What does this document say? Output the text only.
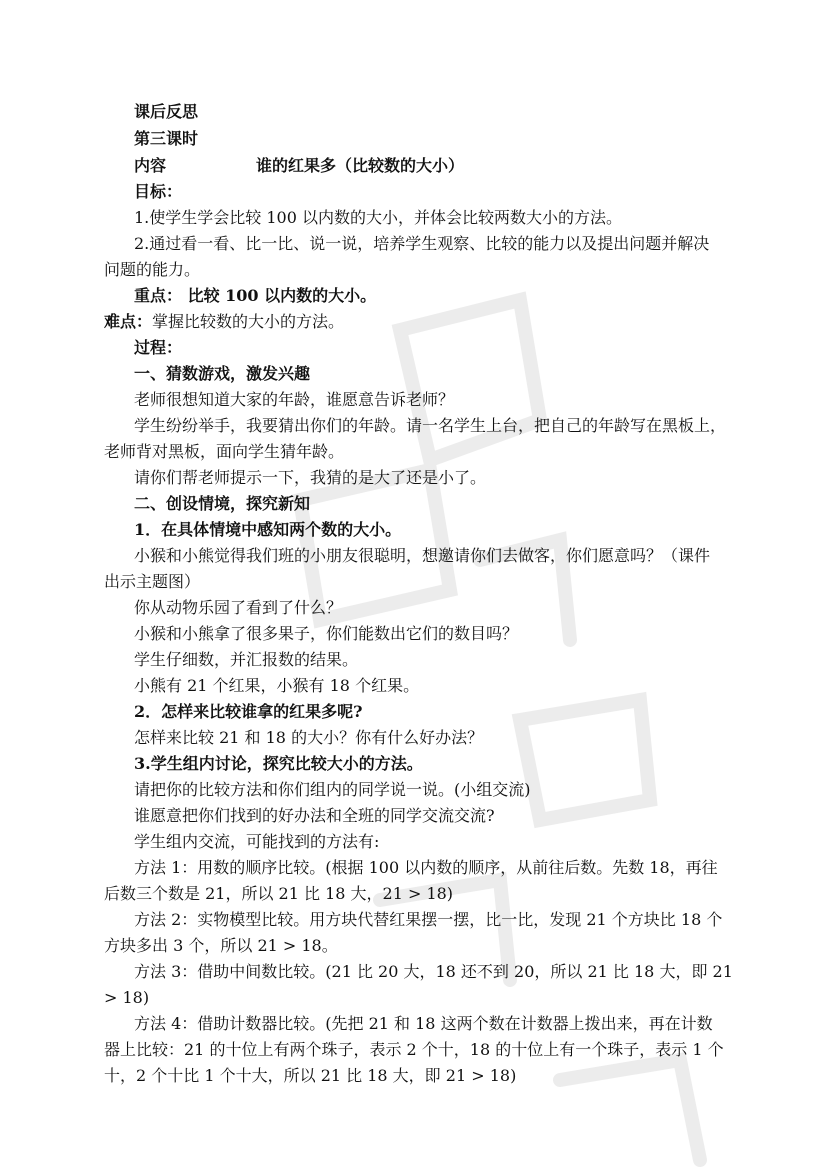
课后反思
第三课时
内容	谁的红果多（比较数的大小）
目标：
1.使学生学会比较 100 以内数的大小，并体会比较两数大小的方法。
2.通过看一看、比一比、说一说，培养学生观察、比较的能力以及提出问题并解决
问题的能力。
重点： 比较 100 以内数的大小。
难点：掌握比较数的大小的方法。
过程：
一、猜数游戏，激发兴趣
老师很想知道大家的年龄，谁愿意告诉老师？
学生纷纷举手，我要猜出你们的年龄。请一名学生上台，把自己的年龄写在黑板上，
老师背对黑板，面向学生猜年龄。
请你们帮老师提示一下，我猜的是大了还是小了。
二、创设情境，探究新知
1．在具体情境中感知两个数的大小。
小猴和小熊觉得我们班的小朋友很聪明，想邀请你们去做客，你们愿意吗？（课件
出示主题图）
你从动物乐园了看到了什么？
小猴和小熊拿了很多果子，你们能数出它们的数目吗？
学生仔细数，并汇报数的结果。
小熊有 21 个红果，小猴有 18 个红果。
2．怎样来比较谁拿的红果多呢?
怎样来比较 21 和 18 的大小？你有什么好办法？
3.学生组内讨论，探究比较大小的方法。
请把你的比较方法和你们组内的同学说一说。(小组交流)
谁愿意把你们找到的好办法和全班的同学交流交流?
学生组内交流，可能找到的方法有:
方法 1：用数的顺序比较。(根据 100 以内数的顺序，从前往后数。先数 18，再往
后数三个数是 21，所以 21 比 18 大，21 > 18)
方法 2：实物模型比较。用方块代替红果摆一摆，比一比，发现 21 个方块比 18 个
方块多出 3 个，所以 21 > 18。
方法 3：借助中间数比较。(21 比 20 大，18 还不到 20，所以 21 比 18 大，即 21
> 18)
方法 4：借助计数器比较。(先把 21 和 18 这两个数在计数器上拨出来，再在计数
器上比较：21 的十位上有两个珠子，表示 2 个十，18 的十位上有一个珠子，表示 1 个
十，2 个十比 1 个十大，所以 21 比 18 大，即 21 > 18)
